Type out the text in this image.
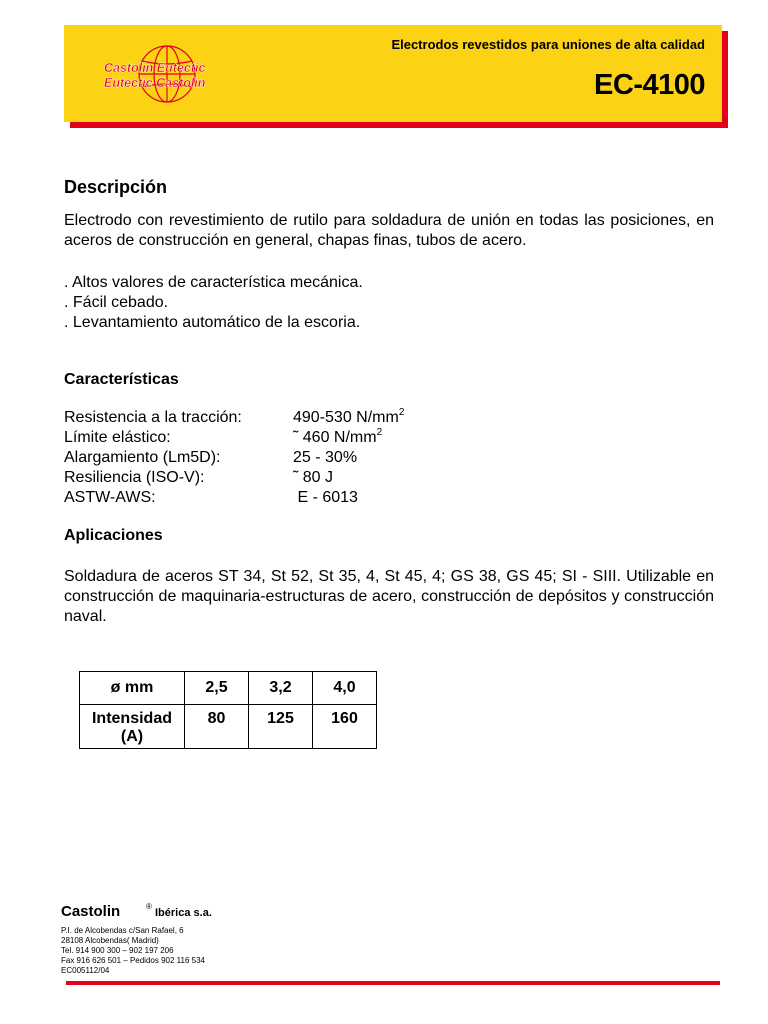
Castolin Eutectic
Eutectic Castolin
Electrodos revestidos para uniones de alta calidad
EC-4100
Descripción
Electrodo con revestimiento de rutilo para soldadura de unión en todas las posiciones, en aceros de construcción en general, chapas finas, tubos de acero.
. Altos valores de característica mecánica.
. Fácil cebado.
. Levantamiento automático de la escoria.
Características
Resistencia a la tracción:	490-530 $N/mm^2$
Límite elástico:	˜ 460 $N/mm^2$
Alargamiento (Lm5D):	25 - 30%
Resiliencia (ISO-V):	˜ 80 J
ASTW-AWS:	E - 6013
Aplicaciones
Soldadura de aceros ST 34, St 52, St 35, 4, St 45, 4; GS 38, GS 45; SI - SIII. Utilizable en construcción de maquinaria-estructuras de acero, construcción de depósitos y construcción naval.
ø mm	2,5	3,2	4,0
Intensidad (A)	80	125	160
Castolin	®
Ibérica s.a.
P.I. de Alcobendas c/San Rafael, 6
28108 Alcobendas( Madrid)
Tel. 914 900 300 – 902 197 206
Fax 916 626 501 – Pedidos 902 116 534
EC005112/04
